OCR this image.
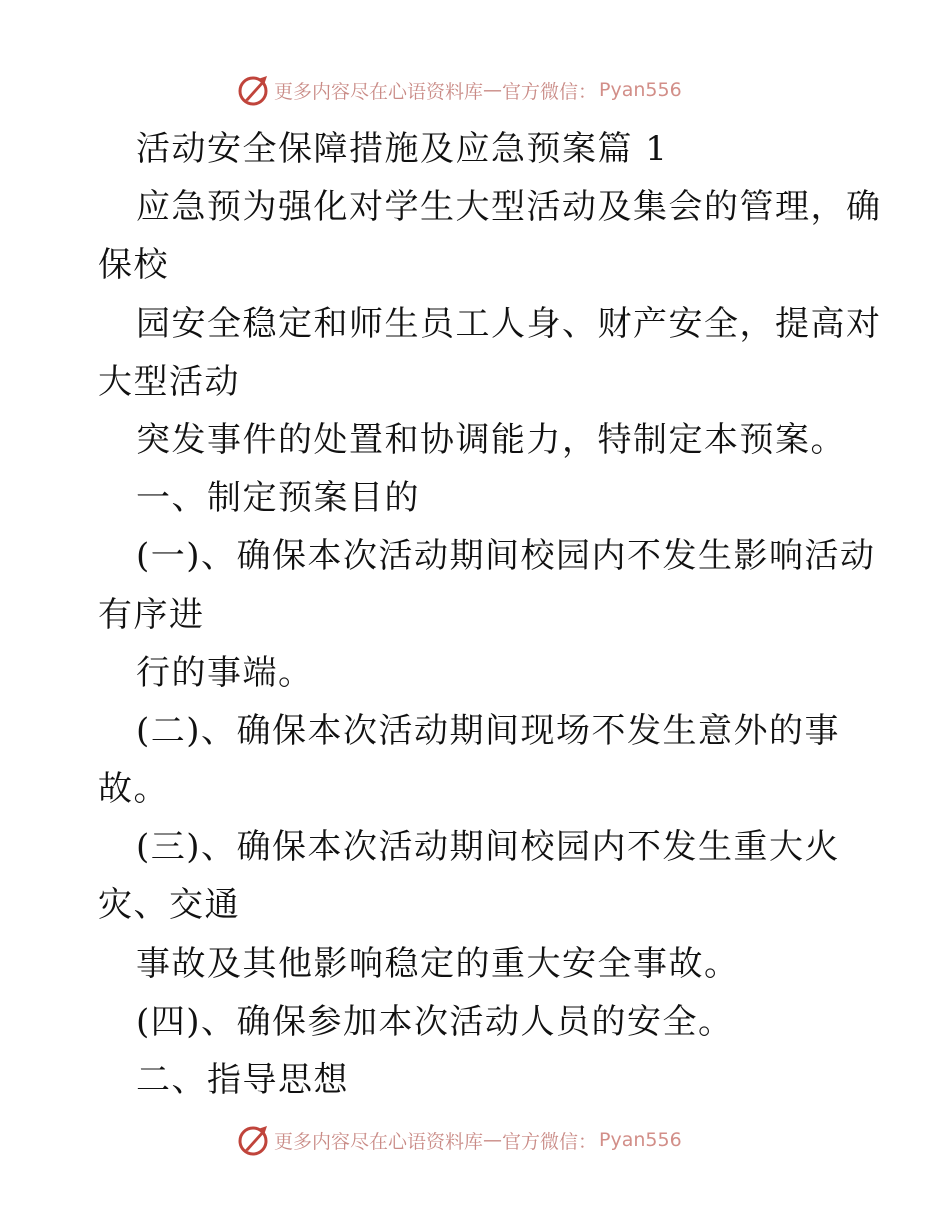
更多内容尽在心语资料库 — 官方微信： Pyan556
活动安全保障措施及应急预案篇 1
应急预为强化对学生大型活动及集会的管理，确
保校
园安全稳定和师生员工人身、财产安全，提高对
大型活动
突发事件的处置和协调能力，特制定本预案。
一、制定预案目的
(一)、确保本次活动期间校园内不发生影响活动
有序进
行的事端。
(二)、确保本次活动期间现场不发生意外的事
故。
(三)、确保本次活动期间校园内不发生重大火
灾、交通
事故及其他影响稳定的重大安全事故。
(四)、确保参加本次活动人员的安全。
二、指导思想
更多内容尽在心语资料库 — 官方微信： Pyan556
